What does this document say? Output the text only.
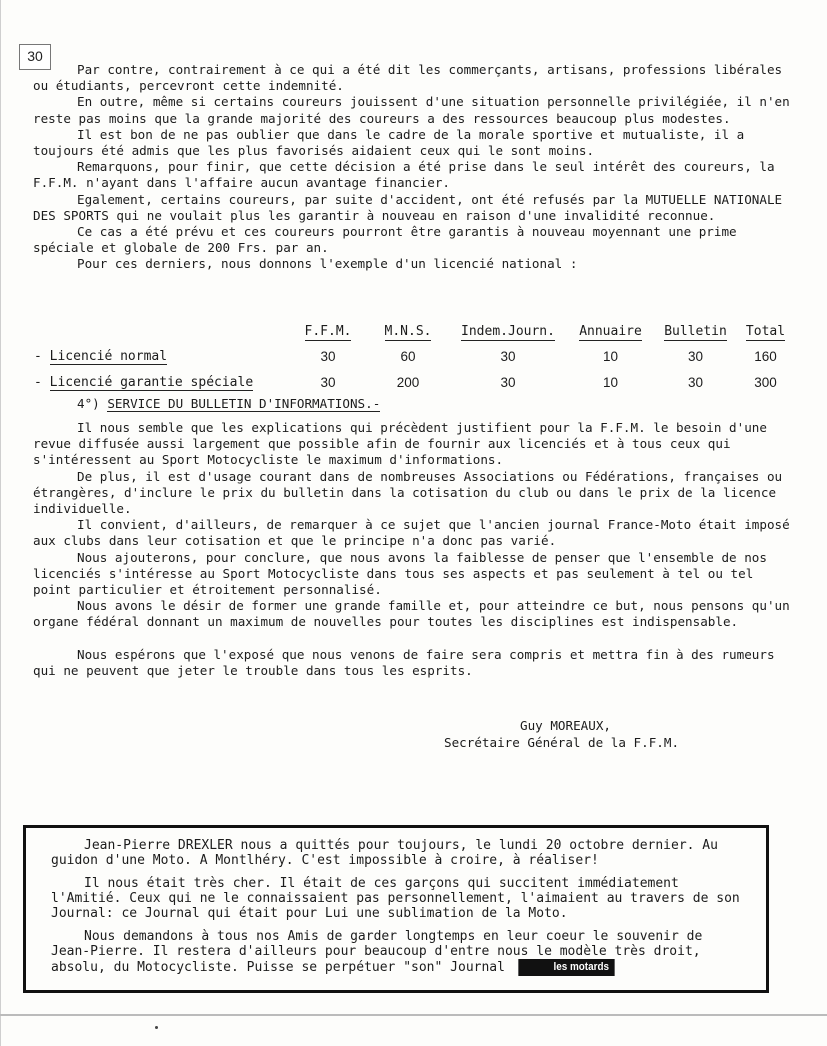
30

Par contre, contrairement à ce qui a été dit les commerçants, artisans, professions libérales ou étudiants, percevront cette indemnité.

En outre, même si certains coureurs jouissent d'une situation personnelle privilégiée, il n'en reste pas moins que la grande majorité des coureurs a des ressources beaucoup plus modestes.

Il est bon de ne pas oublier que dans le cadre de la morale sportive et mutualiste, il a toujours été admis que les plus favorisés aidaient ceux qui le sont moins.

Remarquons, pour finir, que cette décision a été prise dans le seul intérêt des coureurs, la F.F.M. n'ayant dans l'affaire aucun avantage financier.

Egalement, certains coureurs, par suite d'accident, ont été refusés par la MUTUELLE NATIONALE DES SPORTS qui ne voulait plus les garantir à nouveau en raison d'une invalidité reconnue.

Ce cas a été prévu et ces coureurs pourront être garantis à nouveau moyennant une prime spéciale et globale de 200 Frs. par an.

Pour ces derniers, nous donnons l'exemple d'un licencié national :

	F.F.M.	M.N.S.	Indem.Journ.	Annuaire	Bulletin	Total
- Licencié normal	30	60	30	10	30	160
- Licencié garantie spéciale	30	200	30	10	30	300
4°) SERVICE DU BULLETIN D'INFORMATIONS.-

Il nous semble que les explications qui précèdent justifient pour la F.F.M. le besoin d'une revue diffusée aussi largement que possible afin de fournir aux licenciés et à tous ceux qui s'intéressent au Sport Motocycliste le maximum d'informations.

De plus, il est d'usage courant dans de nombreuses Associations ou Fédérations, françaises ou étrangères, d'inclure le prix du bulletin dans la cotisation du club ou dans le prix de la licence individuelle.

Il convient, d'ailleurs, de remarquer à ce sujet que l'ancien journal France-Moto était imposé aux clubs dans leur cotisation et que le principe n'a donc pas varié.

Nous ajouterons, pour conclure, que nous avons la faiblesse de penser que l'ensemble de nos licenciés s'intéresse au Sport Motocycliste dans tous ses aspects et pas seulement à tel ou tel point particulier et étroitement personnalisé.

Nous avons le désir de former une grande famille et, pour atteindre ce but, nous pensons qu'un organe fédéral donnant un maximum de nouvelles pour toutes les disciplines est indispensable.

Nous espérons que l'exposé que nous venons de faire sera compris et mettra fin à des rumeurs qui ne peuvent que jeter le trouble dans tous les esprits.

Guy MOREAUX,
Secrétaire Général de la F.F.M.

Jean-Pierre DREXLER nous a quittés pour toujours, le lundi 20 octobre dernier. Au guidon d'une Moto. A Montlhéry. C'est impossible à croire, à réaliser!

Il nous était très cher. Il était de ces garçons qui succitent immédiatement l'Amitié. Ceux qui ne le connaissaient pas personnellement, l'aimaient au travers de son Journal: ce Journal qui était pour Lui une sublimation de la Moto.

Nous demandons à tous nos Amis de garder longtemps en leur coeur le souvenir de Jean-Pierre. Il restera d'ailleurs pour beaucoup d'entre nous le modèle très droit, absolu, du Motocycliste. Puisse se perpétuer "son" Journal	les motards
